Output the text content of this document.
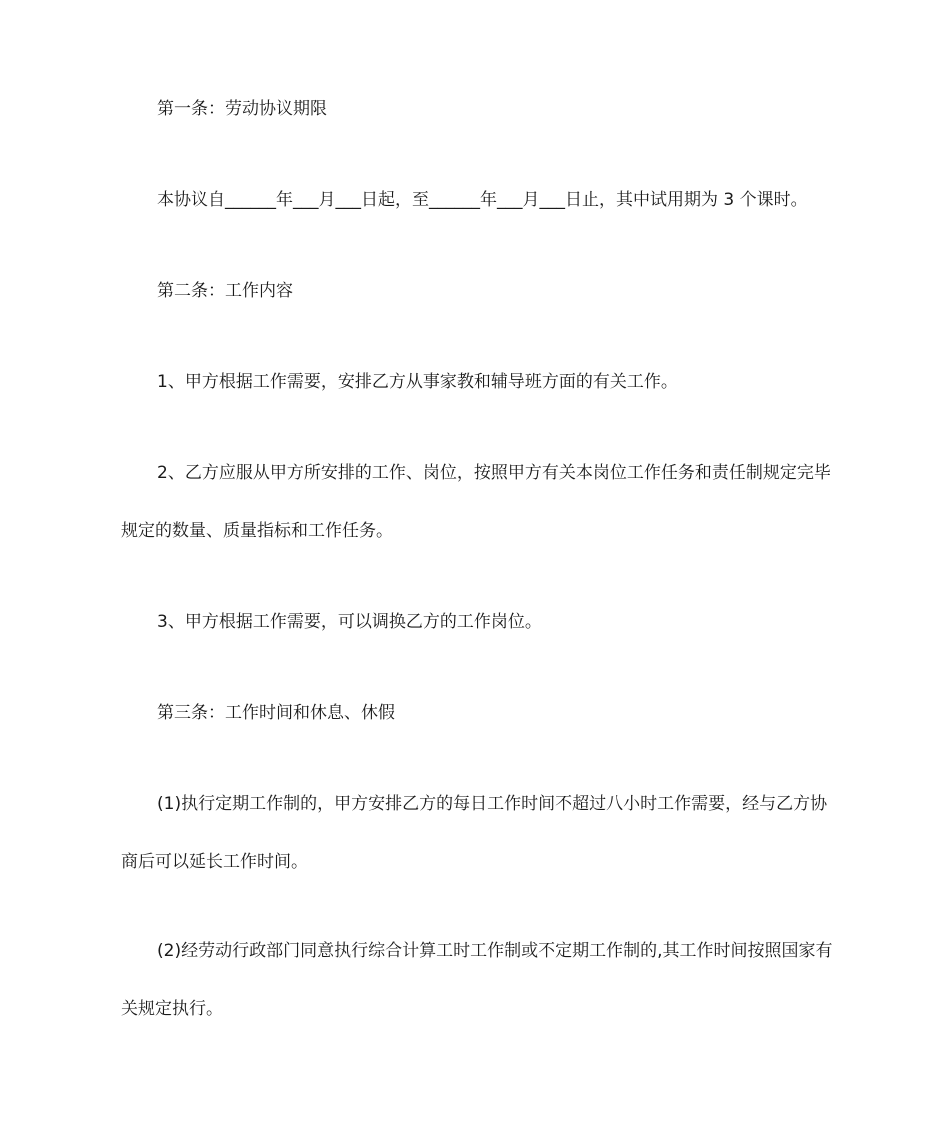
第一条：劳动协议期限

本协议自______年___月___日起，至______年___月___日止，其中试用期为 3 个课时。

第二条：工作内容

1、甲方根据工作需要，安排乙方从事家教和辅导班方面的有关工作。

2、乙方应服从甲方所安排的工作、岗位，按照甲方有关本岗位工作任务和责任制规定完毕规定的数量、质量指标和工作任务。

3、甲方根据工作需要，可以调换乙方的工作岗位。

第三条：工作时间和休息、休假

(1)执行定期工作制的，甲方安排乙方的每日工作时间不超过八小时工作需要，经与乙方协商后可以延长工作时间。

(2)经劳动行政部门同意执行综合计算工时工作制或不定期工作制的,其工作时间按照国家有关规定执行。
